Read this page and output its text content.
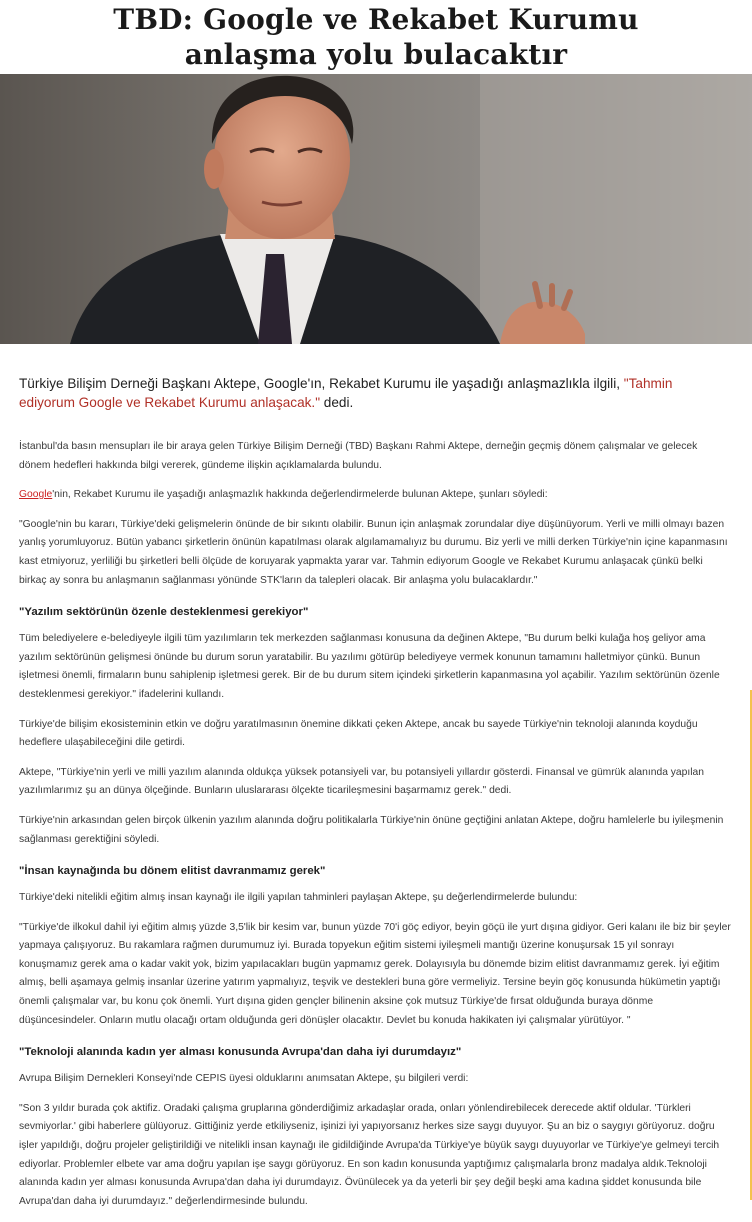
TBD: Google ve Rekabet Kurumu
anlaşma yolu bulacaktır

Türkiye Bilişim Derneği Başkanı Aktepe, Google'ın, Rekabet Kurumu ile yaşadığı anlaşmazlıkla ilgili, "Tahmin ediyorum Google ve Rekabet Kurumu anlaşacak." dedi.

İstanbul'da basın mensupları ile bir araya gelen Türkiye Bilişim Derneği (TBD) Başkanı Rahmi Aktepe, derneğin geçmiş dönem çalışmalar ve gelecek dönem hedefleri hakkında bilgi vererek, gündeme ilişkin açıklamalarda bulundu.

Google'nin, Rekabet Kurumu ile yaşadığı anlaşmazlık hakkında değerlendirmelerde bulunan Aktepe, şunları söyledi:

"Google'nin bu kararı, Türkiye'deki gelişmelerin önünde de bir sıkıntı olabilir. Bunun için anlaşmak zorundalar diye düşünüyorum. Yerli ve milli olmayı bazen yanlış yorumluyoruz. Bütün yabancı şirketlerin önünün kapatılması olarak algılamamalıyız bu durumu. Biz yerli ve milli derken Türkiye'nin içine kapanmasını kast etmiyoruz, yerliliği bu şirketleri belli ölçüde de koruyarak yapmakta yarar var. Tahmin ediyorum Google ve Rekabet Kurumu anlaşacak çünkü belki birkaç ay sonra bu anlaşmanın sağlanması yönünde STK'ların da talepleri olacak. Bir anlaşma yolu bulacaklardır."

"Yazılım sektörünün özenle desteklenmesi gerekiyor"

Tüm belediyelere e-belediyeyle ilgili tüm yazılımların tek merkezden sağlanması konusuna da değinen Aktepe, "Bu durum belki kulağa hoş geliyor ama yazılım sektörünün gelişmesi önünde bu durum sorun yaratabilir. Bu yazılımı götürüp belediyeye vermek konunun tamamını halletmiyor çünkü. Bunun işletmesi önemli, firmaların bunu sahiplenip işletmesi gerek. Bir de bu durum sitem içindeki şirketlerin kapanmasına yol açabilir. Yazılım sektörünün özenle desteklenmesi gerekiyor." ifadelerini kullandı.

Türkiye'de bilişim ekosisteminin etkin ve doğru yaratılmasının önemine dikkati çeken Aktepe, ancak bu sayede Türkiye'nin teknoloji alanında koyduğu hedeflere ulaşabileceğini dile getirdi.

Aktepe, "Türkiye'nin yerli ve milli yazılım alanında oldukça yüksek potansiyeli var, bu potansiyeli yıllardır gösterdi. Finansal ve gümrük alanında yapılan yazılımlarımız şu an dünya ölçeğinde. Bunların uluslararası ölçekte ticarileşmesini başarmamız gerek." dedi.

Türkiye'nin arkasından gelen birçok ülkenin yazılım alanında doğru politikalarla Türkiye'nin önüne geçtiğini anlatan Aktepe, doğru hamlelerle bu iyileşmenin sağlanması gerektiğini söyledi.

"İnsan kaynağında bu dönem elitist davranmamız gerek"

Türkiye'deki nitelikli eğitim almış insan kaynağı ile ilgili yapılan tahminleri paylaşan Aktepe, şu değerlendirmelerde bulundu:

"Türkiye'de ilkokul dahil iyi eğitim almış yüzde 3,5'lik bir kesim var, bunun yüzde 70'i göç ediyor, beyin göçü ile yurt dışına gidiyor. Geri kalanı ile biz bir şeyler yapmaya çalışıyoruz. Bu rakamlara rağmen durumumuz iyi. Burada topyekun eğitim sistemi iyileşmeli mantığı üzerine konuşursak 15 yıl sonrayı konuşmamız gerek ama o kadar vakit yok, bizim yapılacakları bugün yapmamız gerek. Dolayısıyla bu dönemde bizim elitist davranmamız gerek. İyi eğitim almış, belli aşamaya gelmiş insanlar üzerine yatırım yapmalıyız, teşvik ve destekleri buna göre vermeliyiz. Tersine beyin göç konusunda hükümetin yaptığı önemli çalışmalar var, bu konu çok önemli. Yurt dışına giden gençler bilinenin aksine çok mutsuz Türkiye'de fırsat olduğunda buraya dönme düşüncesindeler. Onların mutlu olacağı ortam olduğunda geri dönüşler olacaktır. Devlet bu konuda hakikaten iyi çalışmalar yürütüyor. "

"Teknoloji alanında kadın yer alması konusunda Avrupa'dan daha iyi durumdayız"

Avrupa Bilişim Dernekleri Konseyi'nde CEPIS üyesi olduklarını anımsatan Aktepe, şu bilgileri verdi:

"Son 3 yıldır burada çok aktifiz. Oradaki çalışma gruplarına gönderdiğimiz arkadaşlar orada, onları yönlendirebilecek derecede aktif oldular. 'Türkleri sevmiyorlar.' gibi haberlere gülüyoruz. Gittiğiniz yerde etkiliyseniz, işinizi iyi yapıyorsanız herkes size saygı duyuyor. Şu an biz o saygıyı görüyoruz. doğru işler yapıldığı, doğru projeler geliştirildiği ve nitelikli insan kaynağı ile gidildiğinde Avrupa'da Türkiye'ye büyük saygı duyuyorlar ve Türkiye'ye gelmeyi tercih ediyorlar. Problemler elbete var ama doğru yapılan işe saygı görüyoruz. En son kadın konusunda yaptığımız çalışmalarla bronz madalya aldık.Teknoloji alanında kadın yer alması konusunda Avrupa'dan daha iyi durumdayız. Övünülecek ya da yeterli bir şey değil beşki ama kadına şiddet konusunda bile Avrupa'dan daha iyi durumdayız." değerlendirmesinde bulundu.
